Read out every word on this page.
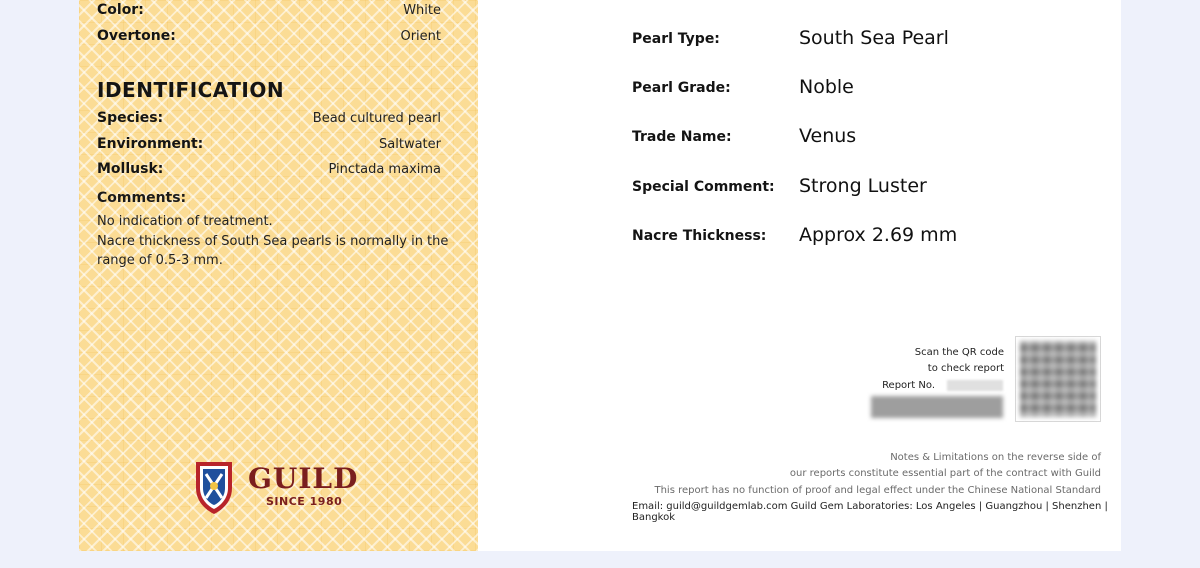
Color:	White
Overtone:	Orient
IDENTIFICATION
Species:	Bead cultured pearl
Environment:	Saltwater
Mollusk:	Pinctada maxima
Comments:
No indication of treatment.
Nacre thickness of South Sea pearls is normally in the
range of 0.5-3 mm.
GUILD
SINCE 1980
Pearl Type:	South Sea Pearl
Pearl Grade:	Noble
Trade Name:	Venus
Special Comment: Strong Luster
Nacre Thickness: Approx 2.69 mm
Scan the QR code
to check report
Report No.
Notes & Limitations on the reverse side of
our reports constitute essential part of the contract with Guild
This report has no function of proof and legal effect under the Chinese National Standard
Email: guild@guildgemlab.com Guild Gem Laboratories: Los Angeles | Guangzhou | Shenzhen | Bangkok
